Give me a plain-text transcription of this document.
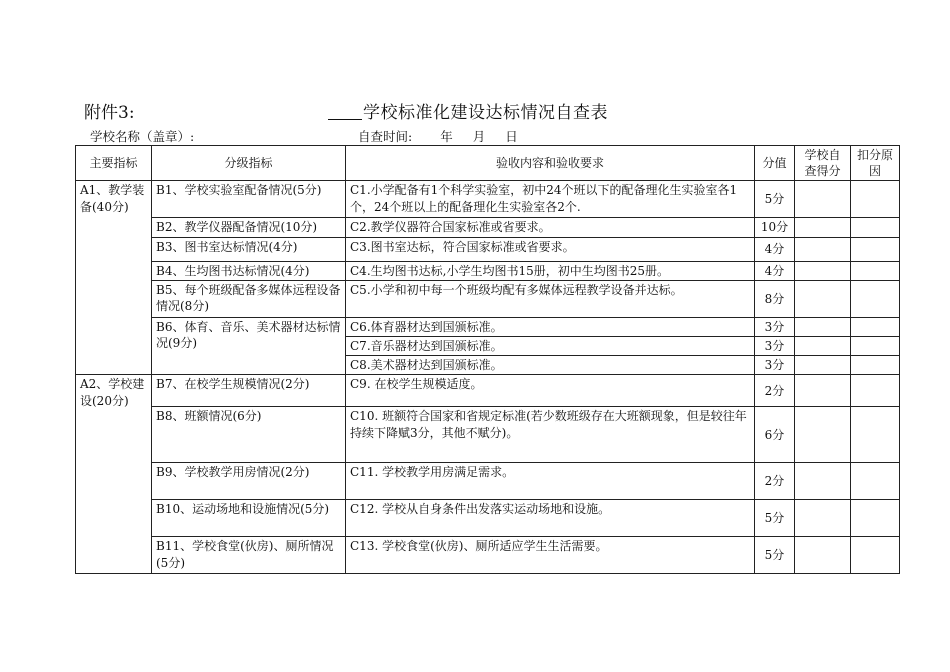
附件3:	学校标准化建设达标情况自查表
学校名称（盖章）:	自查时间: 年 月 日
主要指标	分级指标	验收内容和验收要求	分值	学校自查得分	扣分原因
A1、教学装备(40分)	B1、学校实验室配备情况(5分)	C1.小学配备有1个科学实验室，初中24个班以下的配备理化生实验室各1个，24个班以上的配备理化生实验室各2个.	5分		
	B2、教学仪器配备情况(10分)	C2.教学仪器符合国家标准或省要求。	10分		
	B3、图书室达标情况(4分)	C3.图书室达标，符合国家标准或省要求。	4分		
	B4、生均图书达标情况(4分)	C4.生均图书达标,小学生均图书15册，初中生均图书25册。	4分		
	B5、每个班级配备多媒体远程设备情况(8分)	C5.小学和初中每一个班级均配有多媒体远程教学设备并达标。	8分		
	B6、体育、音乐、美术器材达标情况(9分)	C6.体育器材达到国颁标准。	3分		
		C7.音乐器材达到国颁标准。	3分		
		C8.美术器材达到国颁标准。	3分		
A2、学校建设(20分)	B7、在校学生规模情况(2分)	C9. 在校学生规模适度。	2分		
	B8、班额情况(6分)	C10. 班额符合国家和省规定标准(若少数班级存在大班额现象，但是较往年持续下降赋3分，其他不赋分)。	6分		
	B9、学校教学用房情况(2分)	C11. 学校教学用房满足需求。	2分		
	B10、运动场地和设施情况(5分)	C12. 学校从自身条件出发落实运动场地和设施。	5分		
	B11、学校食堂(伙房)、厕所情况(5分)	C13. 学校食堂(伙房)、厕所适应学生生活需要。	5分		
